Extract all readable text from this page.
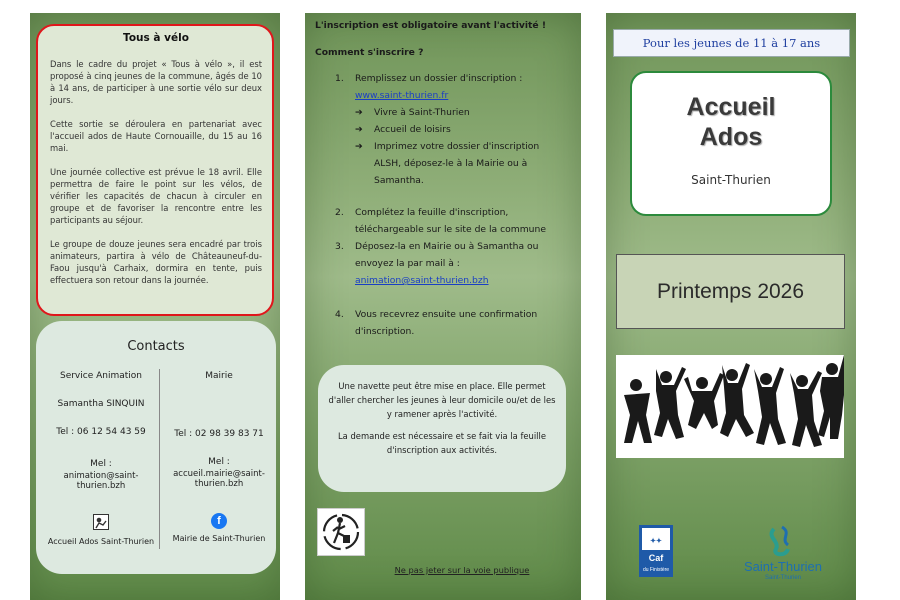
Tous à vélo

Dans le cadre du projet « Tous à vélo », il est proposé à cinq jeunes de la commune, âgés de 10 à 14 ans, de participer à une sortie vélo sur deux jours.

Cette sortie se déroulera en partenariat avec l'accueil ados de Haute Cornouaille, du 15 au 16 mai.

Une journée collective est prévue le 18 avril. Elle permettra de faire le point sur les vélos, de vérifier les capacités de chacun à circuler en groupe et de favoriser la rencontre entre les participants au séjour.

Le groupe de douze jeunes sera encadré par trois animateurs, partira à vélo de Châteauneuf-du-Faou jusqu'à Carhaix, dormira en tente, puis effectuera son retour dans la journée.

Contacts
Service Animation
Samantha SINQUIN
Tel : 06 12 54 43 59
Mel :
animation@saint-thurien.bzh
Accueil Ados Saint-Thurien
Mairie
Tel : 02 98 39 83 71
Mel :
accueil.mairie@saint-thurien.bzh
f
Mairie de Saint-Thurien
L'inscription est obligatoire avant l'activité !
Comment s'inscrire ?
1. Remplissez un dossier d'inscription :
www.saint-thurien.fr
➔ Vivre à Saint-Thurien
➔ Accueil de loisirs
➔ Imprimez votre dossier d'inscription
ALSH, déposez-le à la Mairie ou à
Samantha.
2. Complétez la feuille d'inscription,
téléchargeable sur le site de la commune
3. Déposez-la en Mairie ou à Samantha ou
envoyez la par mail à :
animation@saint-thurien.bzh
4. Vous recevrez ensuite une confirmation
d'inscription.

Une navette peut être mise en place. Elle permet d'aller chercher les jeunes à leur domicile ou/et de les y ramener après l'activité.

La demande est nécessaire et se fait via la feuille d'inscription aux activités.

Ne pas jeter sur la voie publique
Pour les jeunes de 11 à 17 ans
Accueil
Ados
Saint-Thurien
Printemps 2026
✦✦
Caf
du Finistère	Saint-Thurien
Saint-Thurien
